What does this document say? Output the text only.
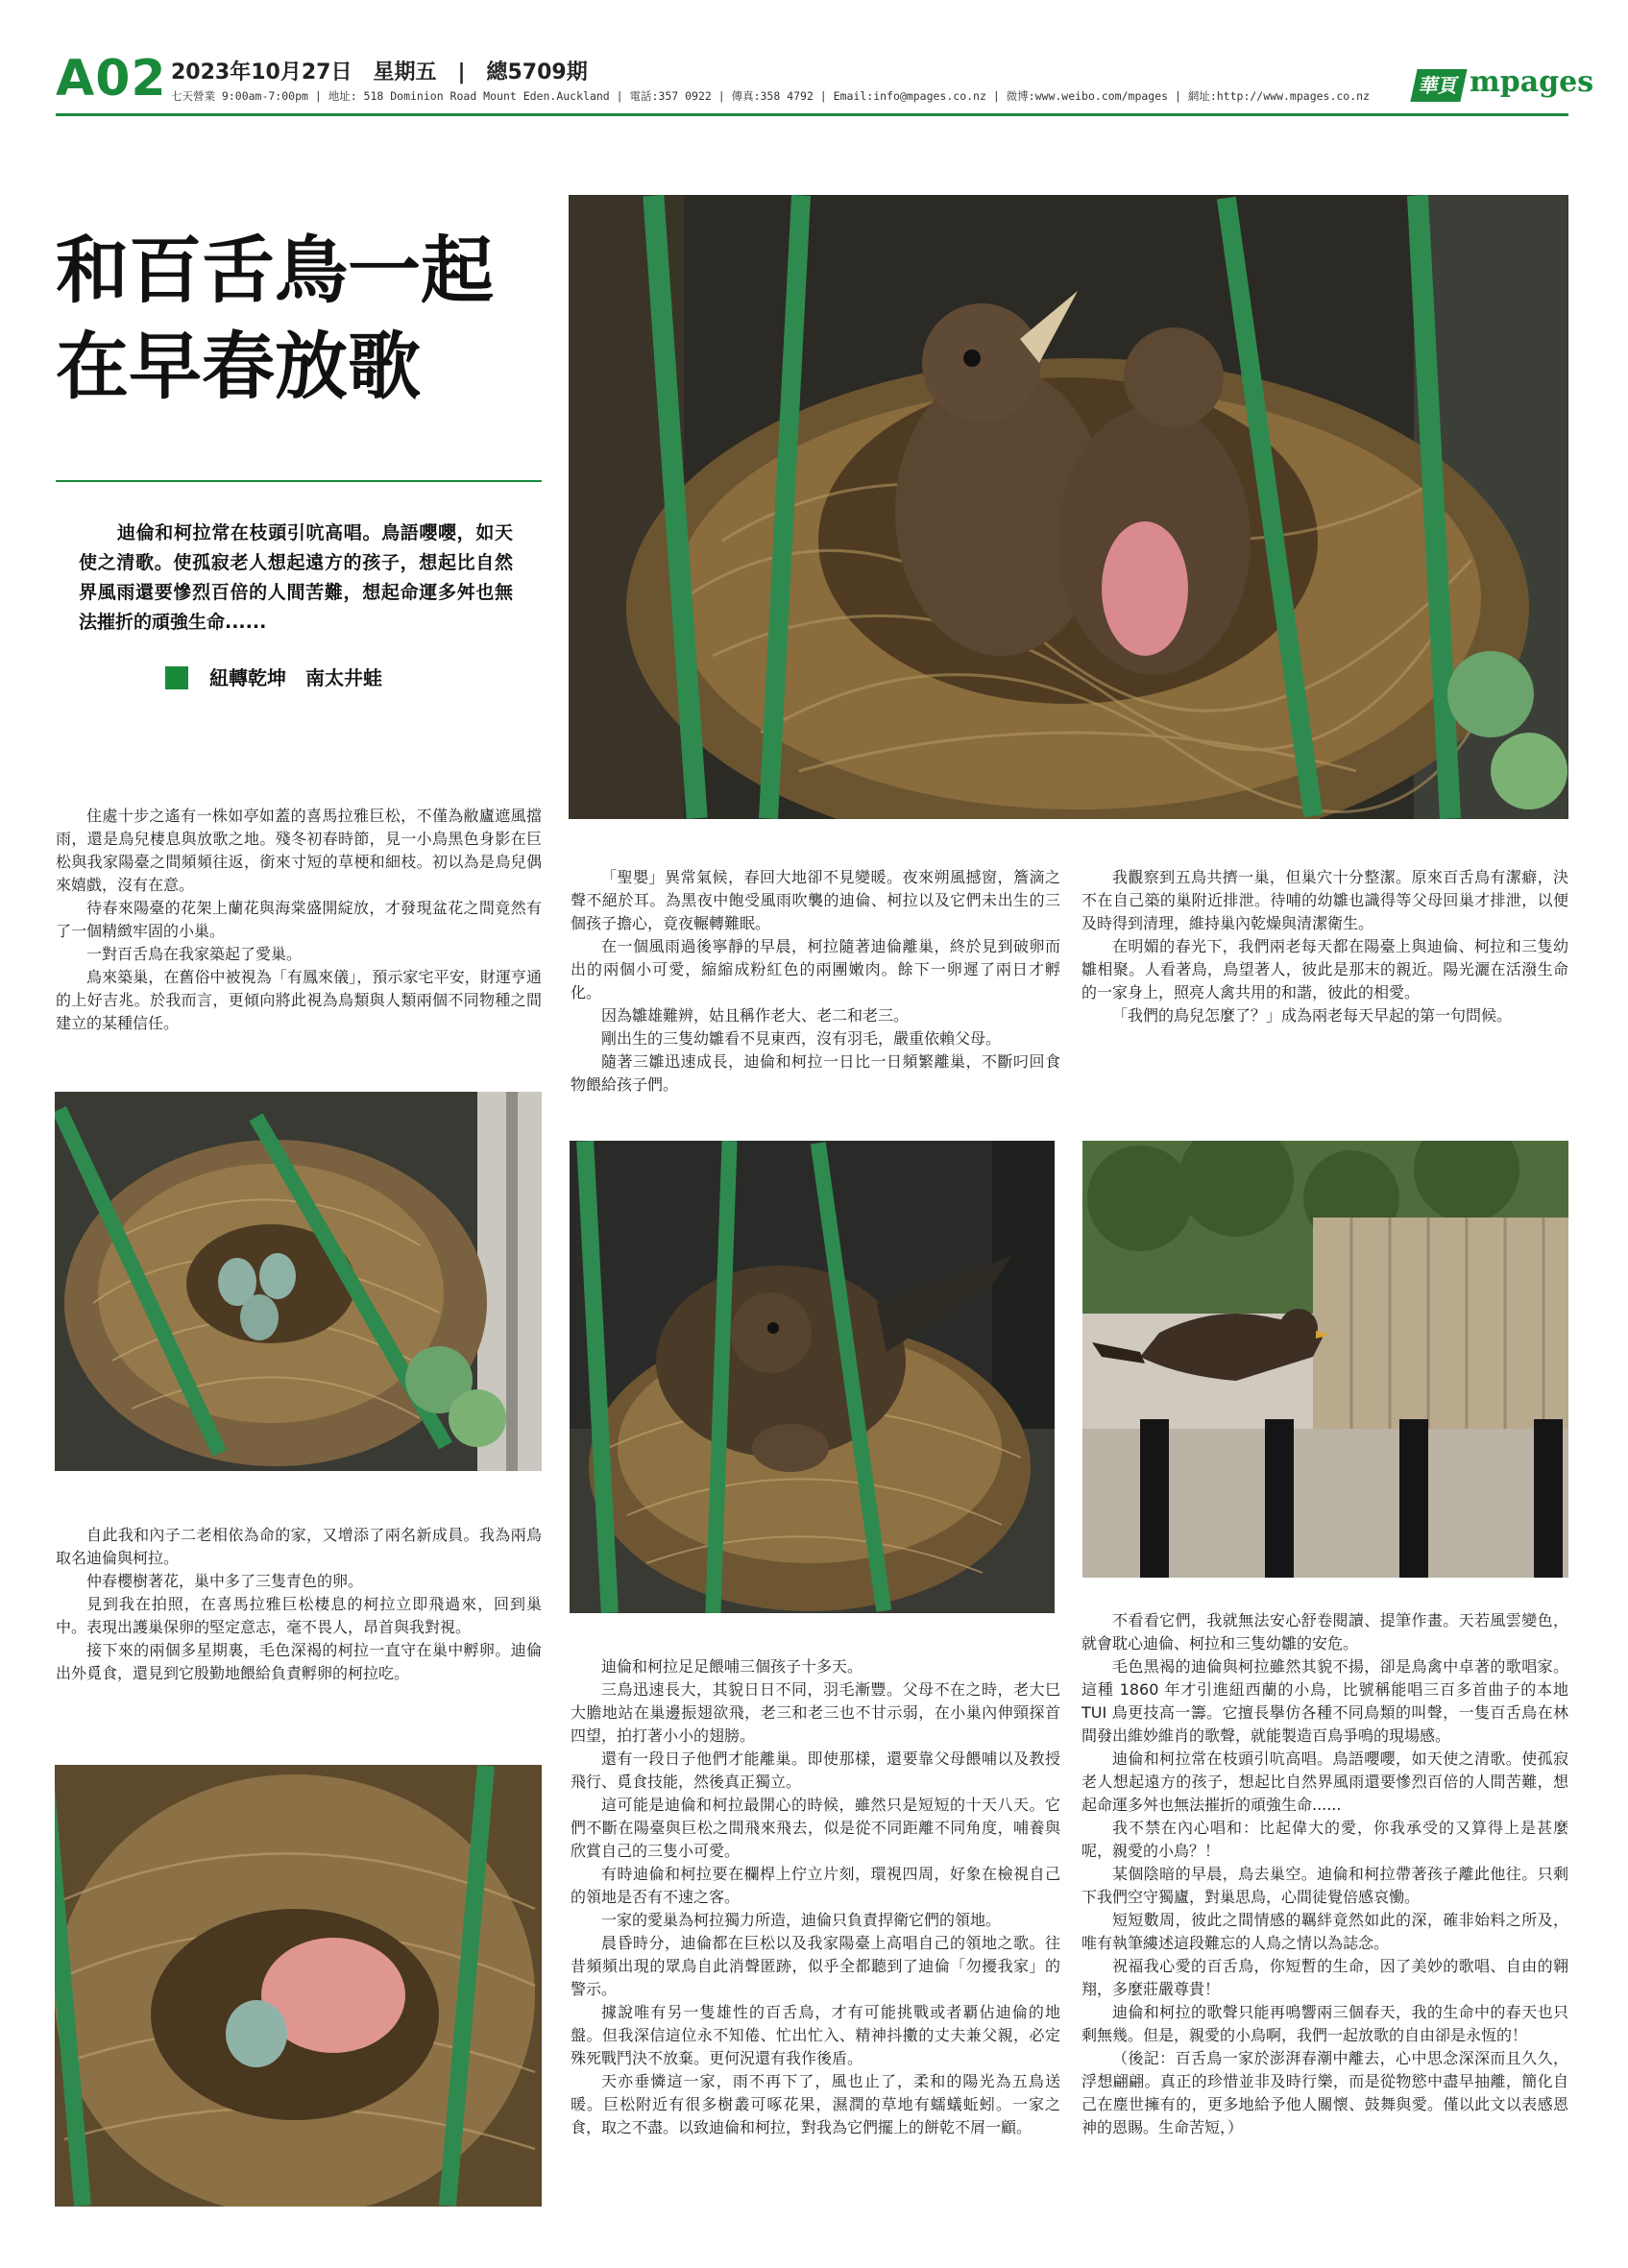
A02 2023年10月27日　星期五　|　總5709期
七天營業 9:00am-7:00pm | 地址: 518 Dominion Road Mount Eden.Auckland | 電話:357 0922 | 傳真:358 4792 | Email:info@mpages.co.nz | 微博:www.weibo.com/mpages | 網址:http://www.mpages.co.nz	華頁 mpages
和百舌鳥一起
在早春放歌
迪倫和柯拉常在枝頭引吭高唱。鳥語嚶嚶，如天使之清歌。使孤寂老人想起遠方的孩子，想起比自然界風雨還要慘烈百倍的人間苦難，想起命運多舛也無法摧折的頑強生命......
紐轉乾坤　南太井蛙

住處十步之遙有一株如亭如蓋的喜馬拉雅巨松，不僅為敝廬遮風擋雨，還是鳥兒棲息與放歌之地。殘冬初春時節，見一小鳥黑色身影在巨松與我家陽臺之間頻頻往返，銜來寸短的草梗和細枝。初以為是鳥兒偶來嬉戲，沒有在意。

待春來陽臺的花架上蘭花與海棠盛開綻放，才發現盆花之間竟然有了一個精緻牢固的小巢。

一對百舌鳥在我家築起了愛巢。

鳥來築巢，在舊俗中被視為「有鳳來儀」，預示家宅平安，財運亨通的上好吉兆。於我而言，更傾向將此視為鳥類與人類兩個不同物種之間建立的某種信任。

自此我和內子二老相依為命的家，又增添了兩名新成員。我為兩鳥取名迪倫與柯拉。

仲春櫻樹著花，巢中多了三隻青色的卵。

見到我在拍照，在喜馬拉雅巨松棲息的柯拉立即飛過來，回到巢中。表現出護巢保卵的堅定意志，毫不畏人，昂首與我對視。

接下來的兩個多星期裏，毛色深褐的柯拉一直守在巢中孵卵。迪倫出外覓食，還見到它殷勤地餵給負責孵卵的柯拉吃。

「聖嬰」異常氣候，春回大地卻不見變暖。夜來朔風撼窗，簷滴之聲不絕於耳。為黑夜中飽受風雨吹襲的迪倫、柯拉以及它們未出生的三個孩子擔心，竟夜輾轉難眠。

在一個風雨過後寧靜的早晨，柯拉隨著迪倫離巢，終於見到破卵而出的兩個小可愛，縮縮成粉紅色的兩團嫩肉。餘下一卵遲了兩日才孵化。

因為雛雄難辨，姑且稱作老大、老二和老三。

剛出生的三隻幼雛看不見東西，沒有羽毛，嚴重依賴父母。

隨著三雛迅速成長，迪倫和柯拉一日比一日頻繁離巢，不斷叼回食物餵給孩子們。

迪倫和柯拉足足餵哺三個孩子十多天。

三鳥迅速長大，其貌日日不同，羽毛漸豐。父母不在之時，老大巳大膽地站在巢邊振翅欲飛，老三和老三也不甘示弱，在小巢內伸頸探首四望，拍打著小小的翅膀。

還有一段日子他們才能離巢。即使那樣，還要靠父母餵哺以及教授飛行、覓食技能，然後真正獨立。

這可能是迪倫和柯拉最開心的時候，雖然只是短短的十天八天。它們不斷在陽臺與巨松之間飛來飛去，似是從不同距離不同角度，哺養與欣賞自己的三隻小可愛。

有時迪倫和柯拉要在欄桿上佇立片刻，環視四周，好象在檢視自己的領地是否有不速之客。

一家的愛巢為柯拉獨力所造，迪倫只負責捍衛它們的領地。

晨昏時分，迪倫都在巨松以及我家陽臺上高唱自己的領地之歌。往昔頻頻出現的眾鳥自此消聲匿跡，似乎全都聽到了迪倫「勿擾我家」的警示。

據說唯有另一隻雄性的百舌鳥，才有可能挑戰或者覇佔迪倫的地盤。但我深信這位永不知倦、忙出忙入、精神抖擻的丈夫兼父親，必定殊死戰鬥決不放棄。更何況還有我作後盾。

天亦垂憐這一家，雨不再下了，風也止了，柔和的陽光為五鳥送暖。巨松附近有很多樹叢可啄花果，濕潤的草地有蠕蟻蚯蚓。一家之食，取之不盡。以致迪倫和柯拉，對我為它們擺上的餅乾不屑一顧。

我觀察到五鳥共擠一巢，但巢穴十分整潔。原來百舌鳥有潔癖，決不在自己築的巢附近排泄。待哺的幼雛也識得等父母回巢才排泄，以便及時得到清理，維持巢內乾燥與清潔衛生。

在明媚的春光下，我們兩老每天都在陽臺上與迪倫、柯拉和三隻幼雛相聚。人看著鳥，鳥望著人，彼此是那末的親近。陽光灑在活潑生命的一家身上，照亮人禽共用的和諧，彼此的相愛。

「我們的鳥兒怎麼了？」成為兩老每天早起的第一句問候。

不看看它們，我就無法安心舒卷閱讀、提筆作畫。天若風雲變色，就會耽心迪倫、柯拉和三隻幼雛的安危。

毛色黑褐的迪倫與柯拉雖然其貌不揚，卻是鳥禽中卓著的歌唱家。這種 1860 年才引進紐西蘭的小鳥，比號稱能唱三百多首曲子的本地 TUI 鳥更技高一籌。它擅長擧仿各種不同鳥類的叫聲，一隻百舌鳥在林間發出維妙維肖的歌聲，就能製造百鳥爭鳴的現場感。

迪倫和柯拉常在枝頭引吭高唱。鳥語嚶嚶，如天使之清歌。使孤寂老人想起遠方的孩子，想起比自然界風雨還要慘烈百倍的人間苦難，想起命運多舛也無法摧折的頑強生命......

我不禁在內心唱和：比起偉大的愛，你我承受的又算得上是甚麼呢，親愛的小鳥？！

某個陰暗的早晨，鳥去巢空。迪倫和柯拉帶著孩子離此他往。只剩下我們空守獨廬，對巢思鳥，心間徒覺倍感哀慟。

短短數周，彼此之間情感的羈絆竟然如此的深，確非始料之所及，唯有執筆縷述這段難忘的人鳥之情以為誌念。

祝福我心愛的百舌鳥，你短暫的生命，因了美妙的歌唱、自由的翱翔，多麼莊嚴尊貴！

迪倫和柯拉的歌聲只能再鳴響兩三個春天，我的生命中的春天也只剩無幾。但是，親愛的小鳥啊，我們一起放歌的自由卻是永恆的！

（後記：百舌鳥一家於澎湃春潮中離去，心中思念深深而且久久，浮想翩翩。真正的珍惜並非及時行樂，而是從物慾中盡早抽離，簡化自己在塵世擁有的，更多地給予他人關懷、鼓舞與愛。僅以此文以表感恩神的恩賜。生命苦短，）
